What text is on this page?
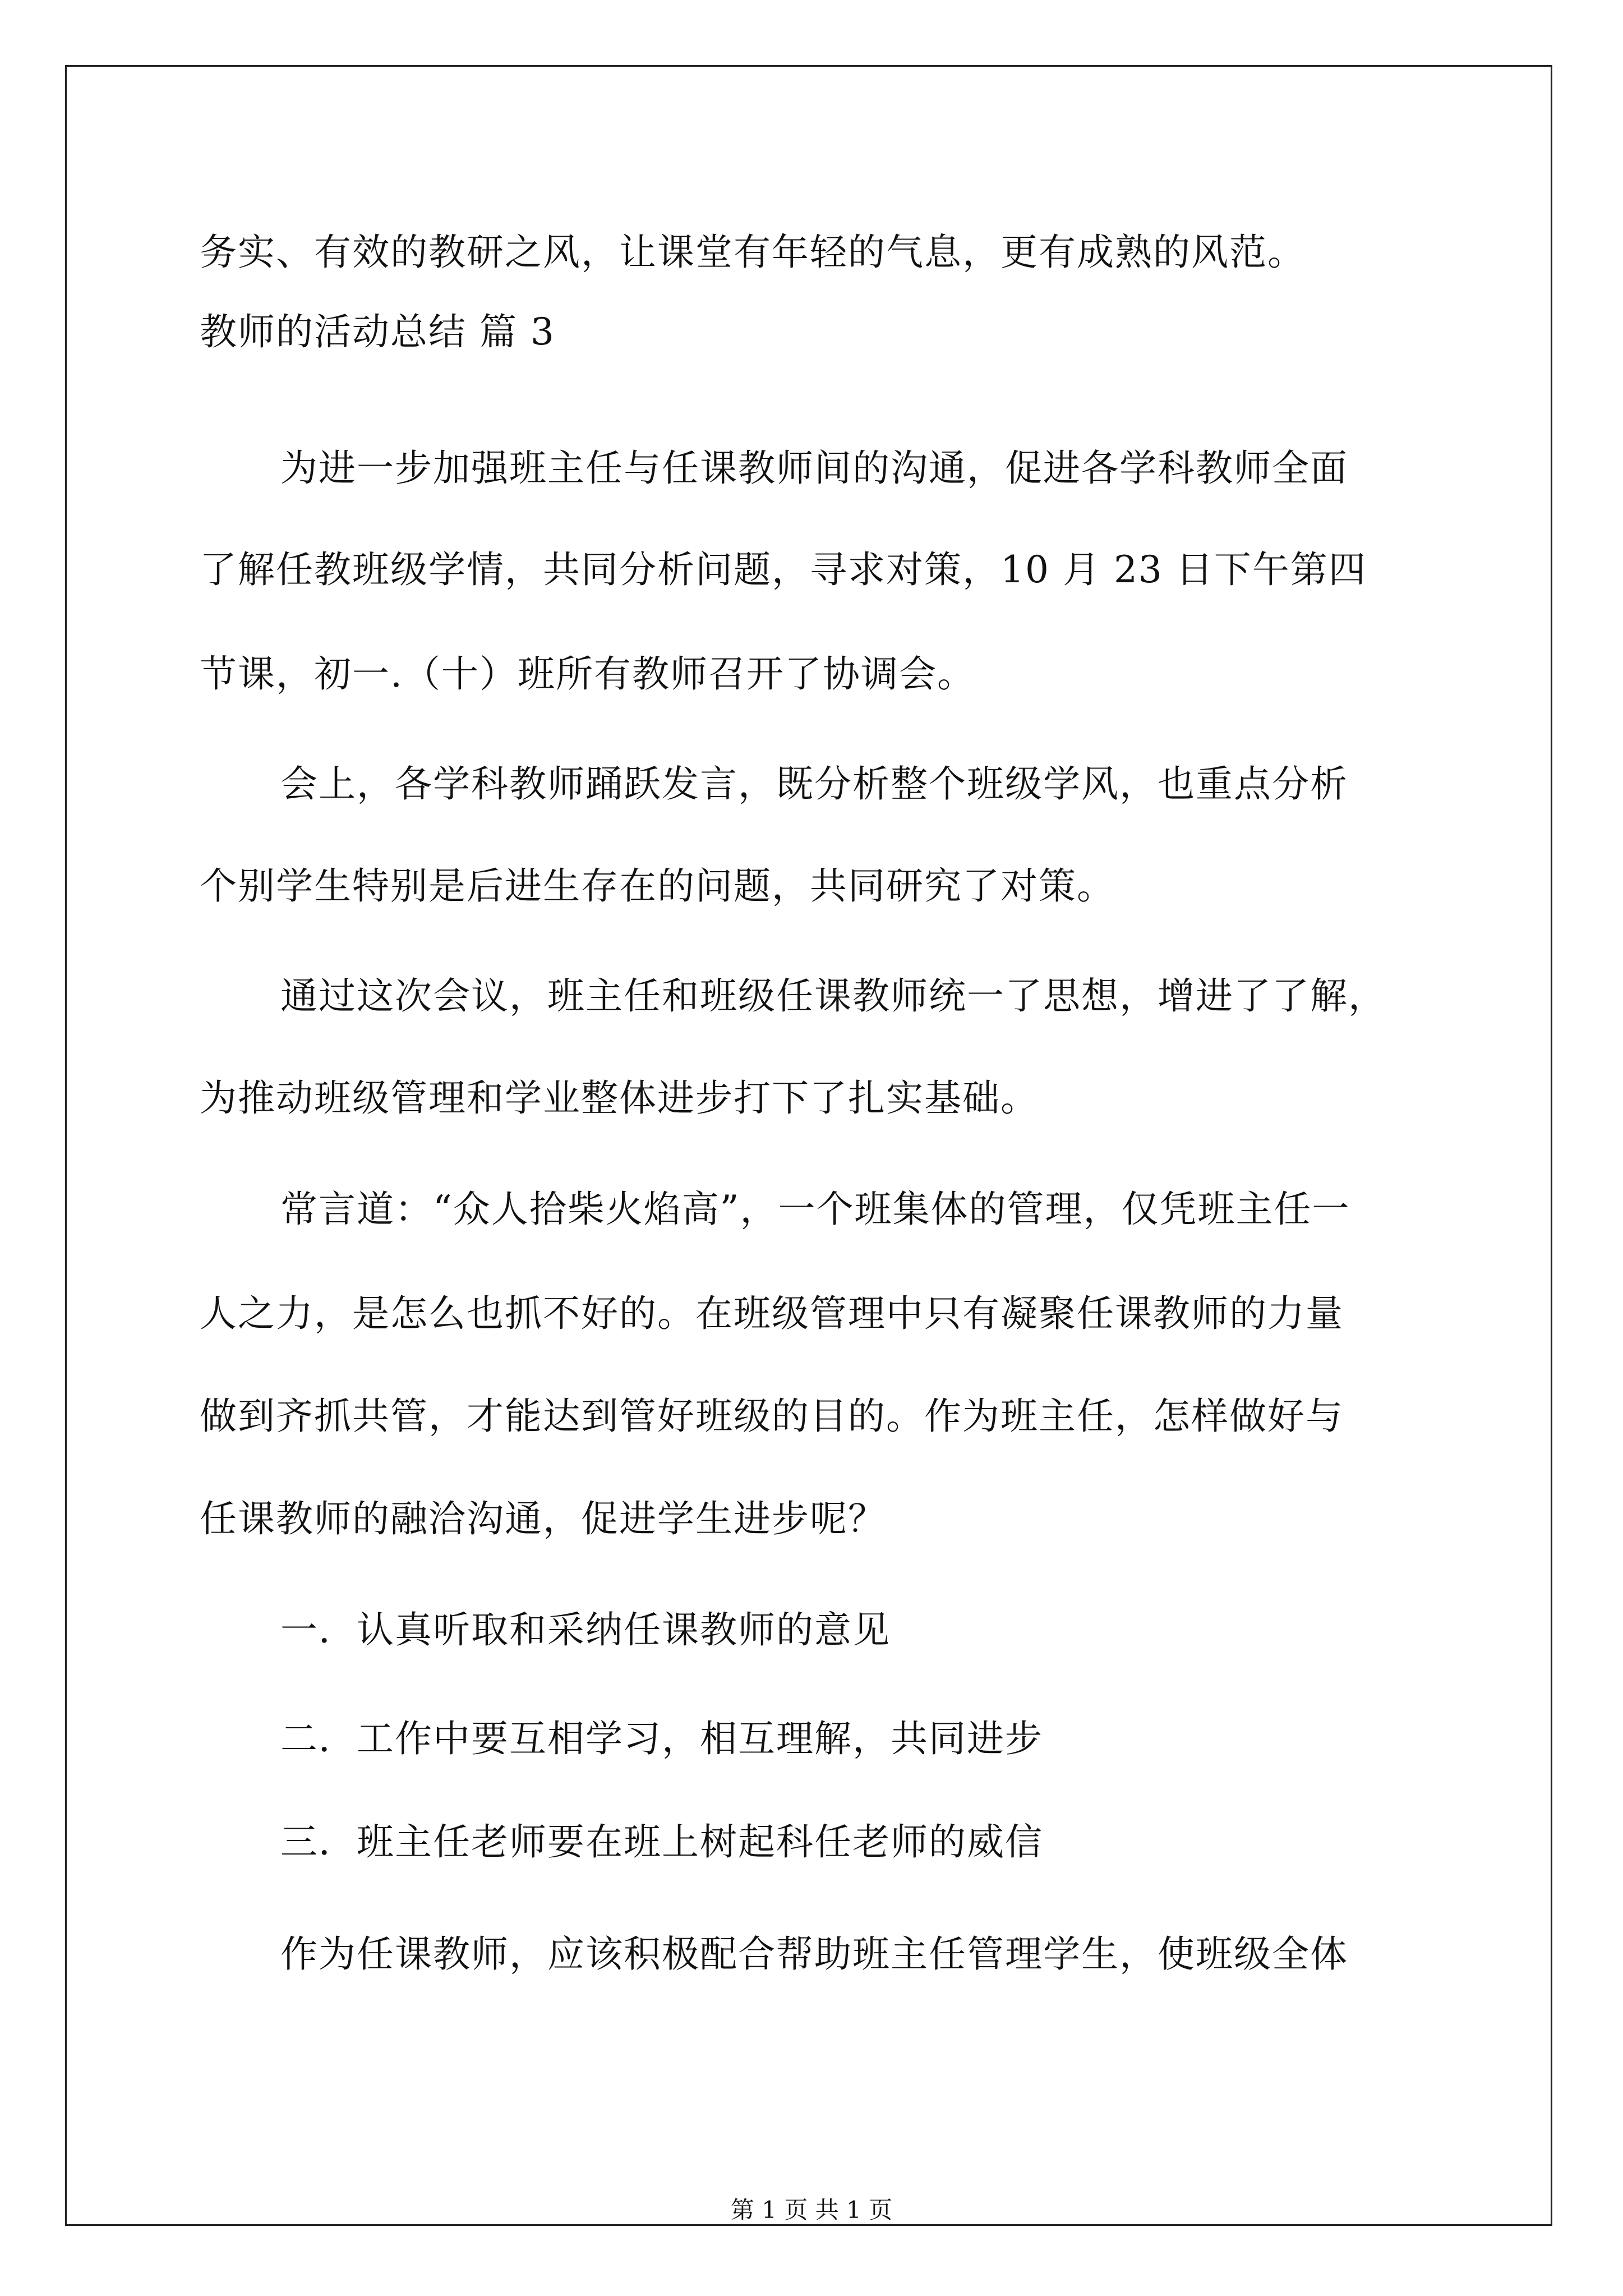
务实、有效的教研之风，让课堂有年轻的气息，更有成熟的风范。
教师的活动总结 篇 3
为进一步加强班主任与任课教师间的沟通，促进各学科教师全面
了解任教班级学情，共同分析问题，寻求对策，10 月 23 日下午第四
节课，初一.（十）班所有教师召开了协调会。
会上，各学科教师踊跃发言，既分析整个班级学风，也重点分析
个别学生特别是后进生存在的问题，共同研究了对策。
通过这次会议，班主任和班级任课教师统一了思想，增进了了解，
为推动班级管理和学业整体进步打下了扎实基础。
常言道：“众人拾柴火焰高”，一个班集体的管理，仅凭班主任一
人之力，是怎么也抓不好的。在班级管理中只有凝聚任课教师的力量
做到齐抓共管，才能达到管好班级的目的。作为班主任，怎样做好与
任课教师的融洽沟通，促进学生进步呢？
一．认真听取和采纳任课教师的意见
二．工作中要互相学习，相互理解，共同进步
三．班主任老师要在班上树起科任老师的威信
作为任课教师，应该积极配合帮助班主任管理学生，使班级全体
第 1 页 共 1 页
